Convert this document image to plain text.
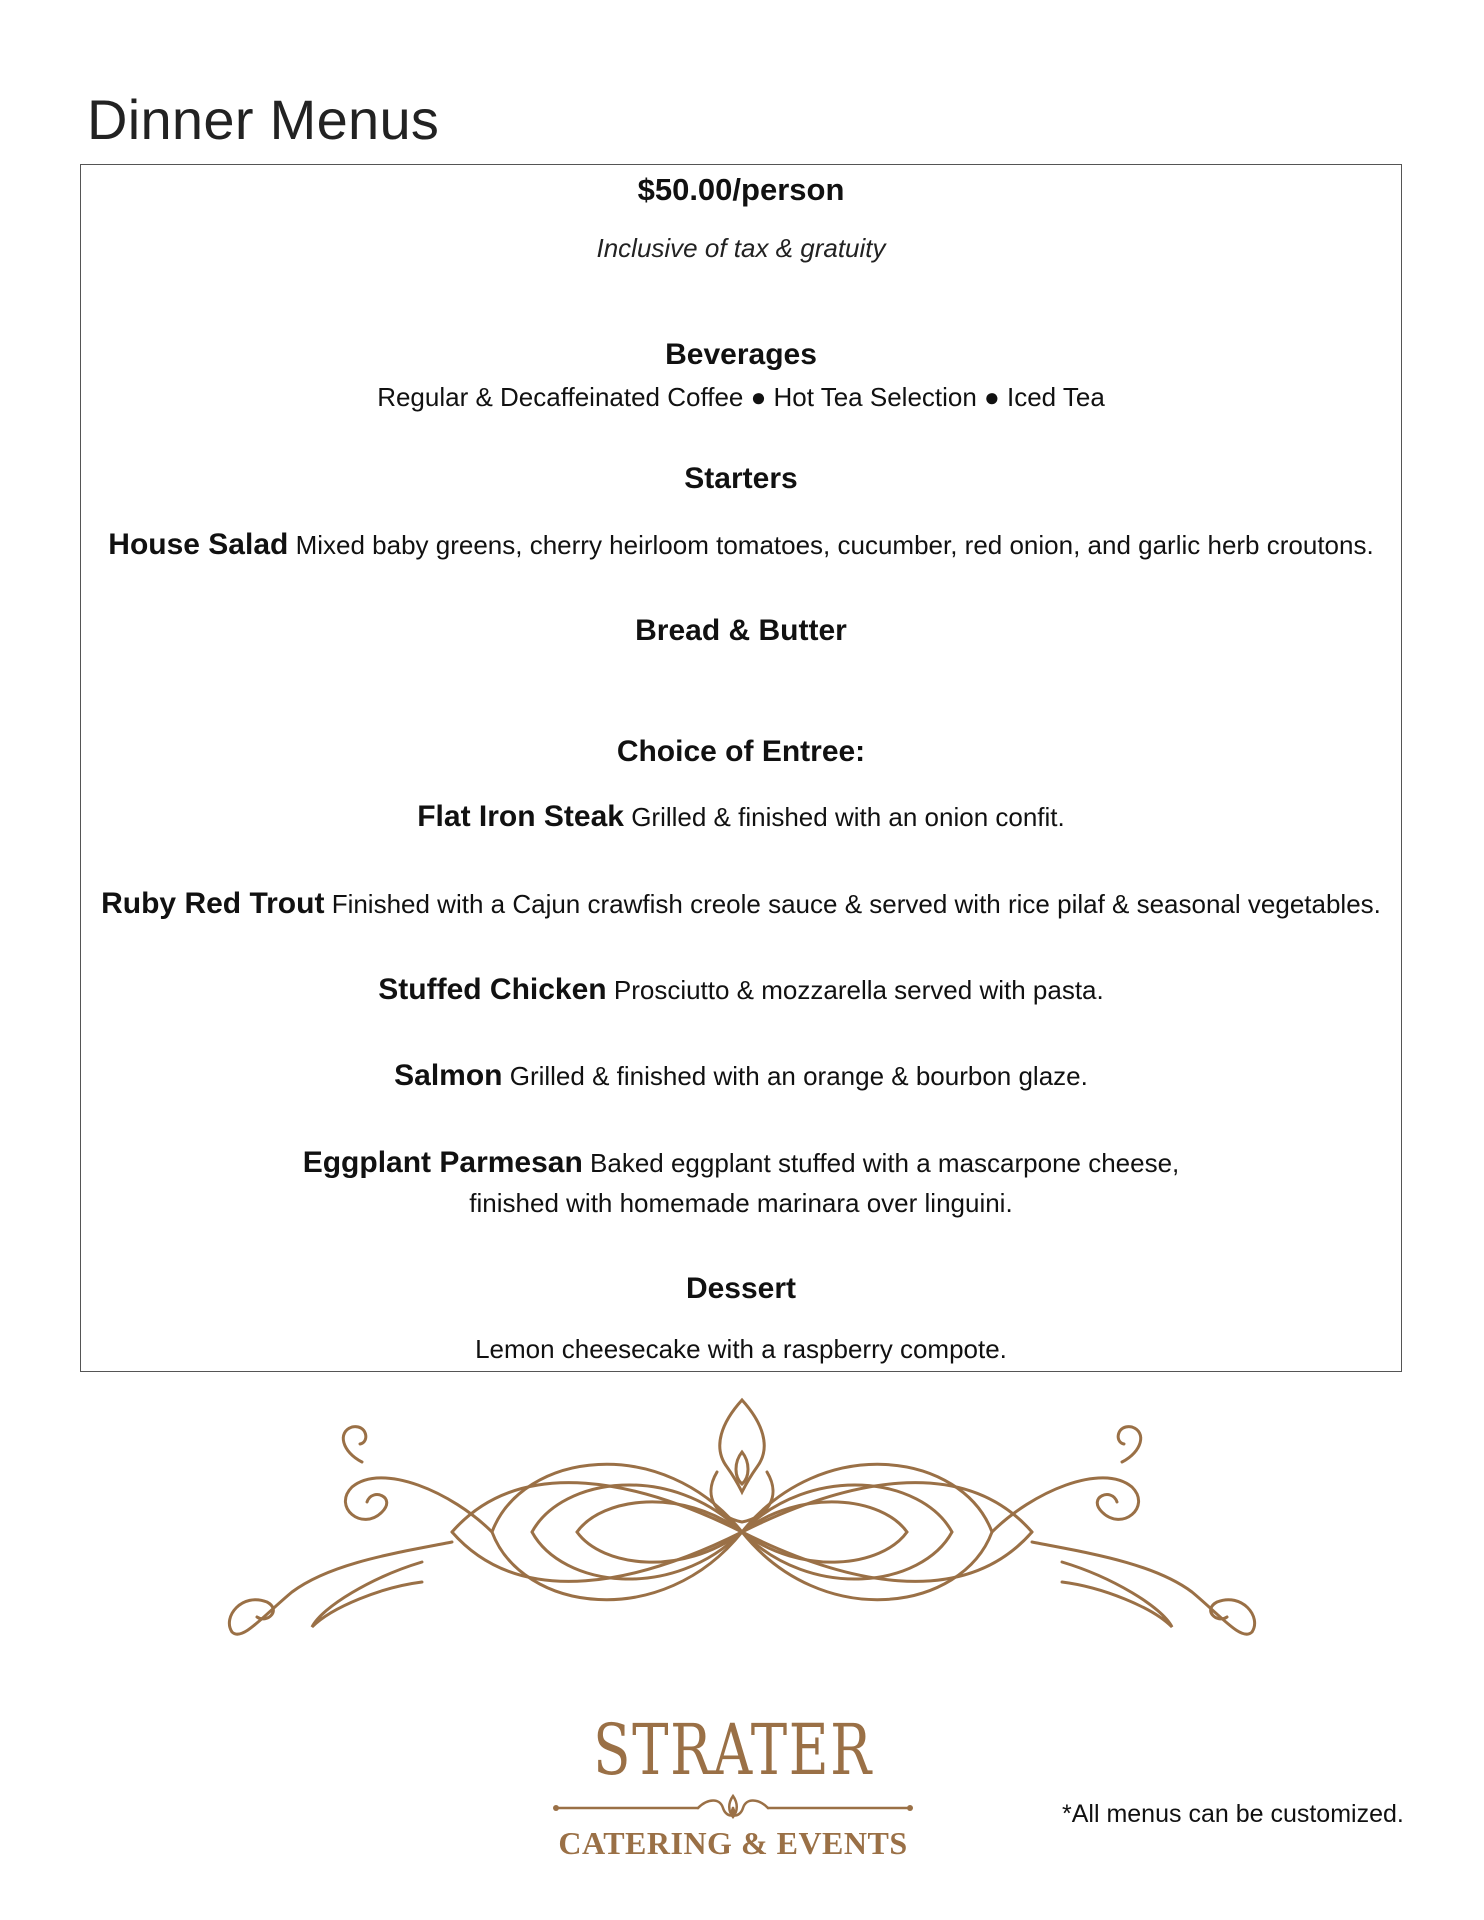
Dinner Menus
$50.00/person
Inclusive of tax & gratuity
Beverages
Regular & Decaffeinated Coffee ● Hot Tea Selection ● Iced Tea
Starters
House Salad Mixed baby greens, cherry heirloom tomatoes, cucumber, red onion, and garlic herb croutons.
Bread & Butter
Choice of Entree:
Flat Iron Steak Grilled & finished with an onion confit.
Ruby Red Trout Finished with a Cajun crawfish creole sauce & served with rice pilaf & seasonal vegetables.
Stuffed Chicken Prosciutto & mozzarella served with pasta.
Salmon Grilled & finished with an orange & bourbon glaze.
Eggplant Parmesan Baked eggplant stuffed with a mascarpone cheese,
finished with homemade marinara over linguini.
Dessert
Lemon cheesecake with a raspberry compote.
STRATER
CATERING & EVENTS
*All menus can be customized.
